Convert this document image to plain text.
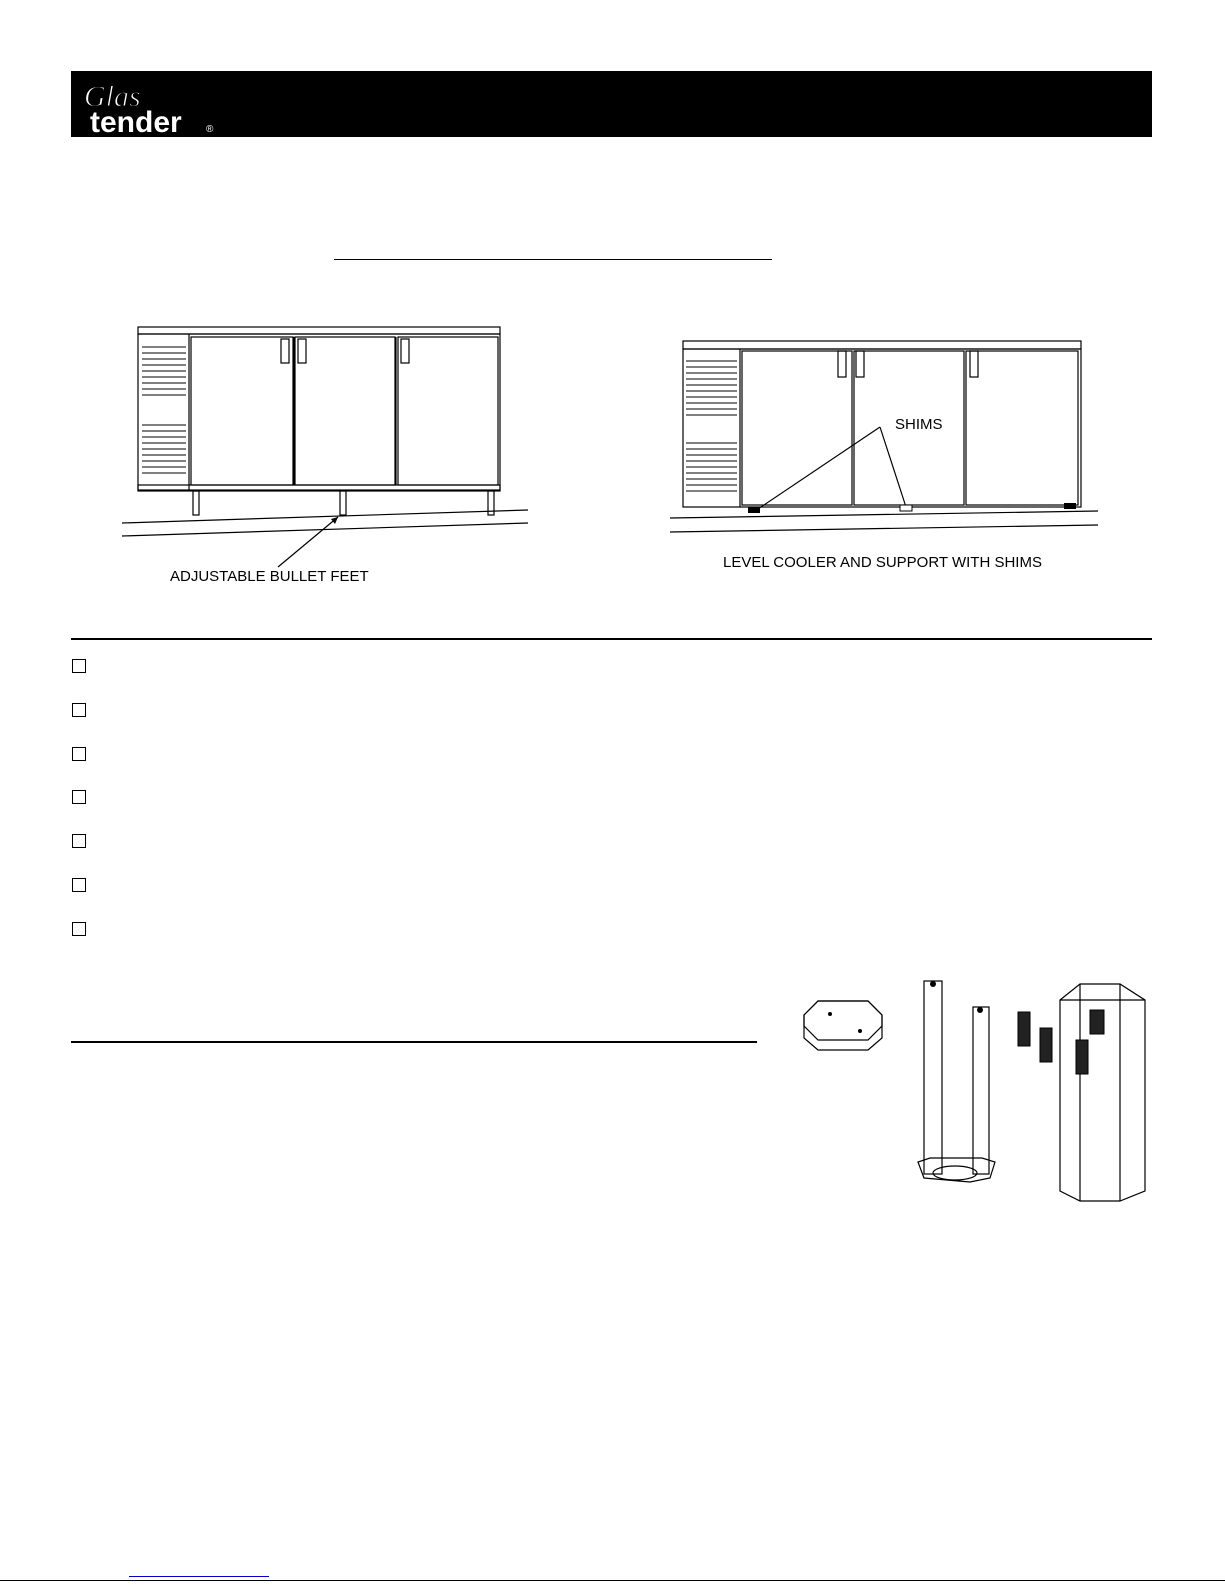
Glas
tender ®
ADJUSTABLE BULLET FEET
SHIMS
LEVEL COOLER AND SUPPORT WITH SHIMS
